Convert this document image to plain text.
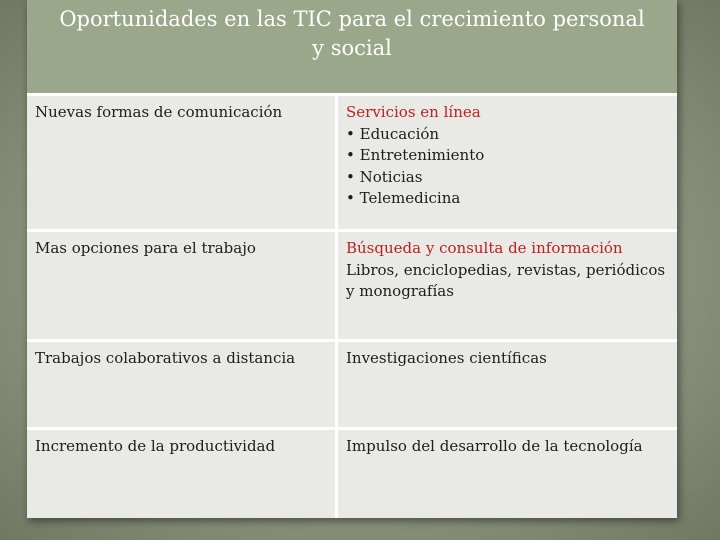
Oportunidades en las TIC para el crecimiento personal
y social
Nuevas formas de comunicación	Servicios en línea
• Educación
• Entretenimiento
• Noticias
• Telemedicina
Mas opciones para el trabajo	Búsqueda y consulta de información
Libros, enciclopedias, revistas, periódicos
y monografías
Trabajos colaborativos a distancia	Investigaciones científicas
Incremento de la productividad	Impulso del desarrollo de la tecnología
